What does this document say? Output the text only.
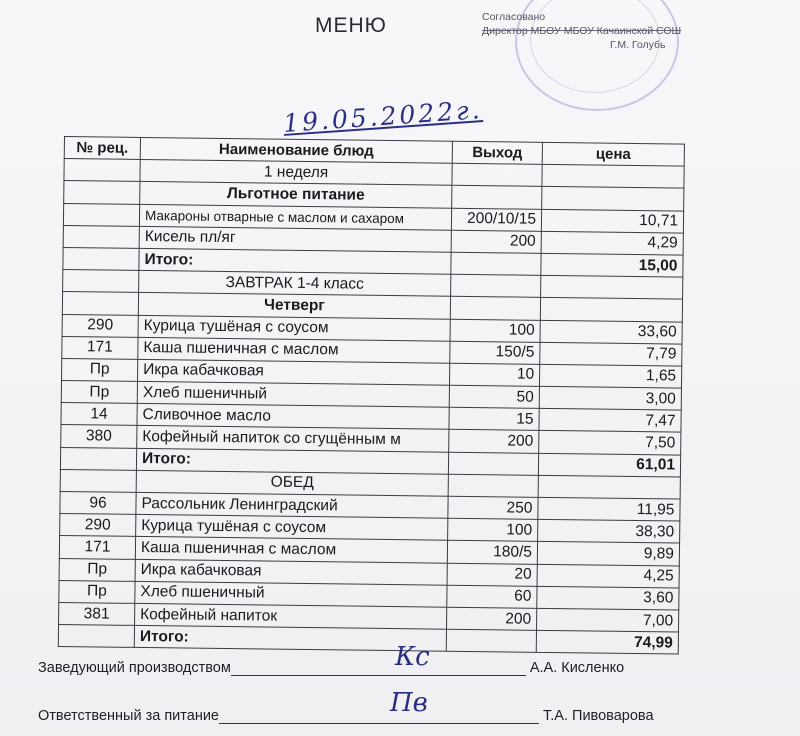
МЕНЮ	Согласовано
Директор МБОУ МБОУ Качаинской СОШ
Г.М. Голубь
19.05.2022г.
№ рец.	Наименование блюд	Выход	цена
	1 неделя		
	Льготное питание		
	Макароны отварные с маслом и сахаром	200/10/15	10,71
	Кисель пл/яг	200	4,29
	Итого:		15,00
	ЗАВТРАК 1-4 класс		
	Четверг		
290	Курица тушёная с соусом	100	33,60
171	Каша пшеничная с маслом	150/5	7,79
Пр	Икра кабачковая	10	1,65
Пр	Хлеб пшеничный	50	3,00
14	Сливочное масло	15	7,47
380	Кофейный напиток со сгущённым м	200	7,50
	Итого:		61,01
	ОБЕД		
96	Рассольник Ленинградский	250	11,95
290	Курица тушёная с соусом	100	38,30
171	Каша пшеничная с маслом	180/5	9,89
Пр	Икра кабачковая	20	4,25
Пр	Хлеб пшеничный	60	3,60
381	Кофейный напиток	200	7,00
	Итого:		74,99
Заведующий производством	А.А. Кисленко
Кс
Ответственный за питание	Т.А. Пивоварова
Пв
